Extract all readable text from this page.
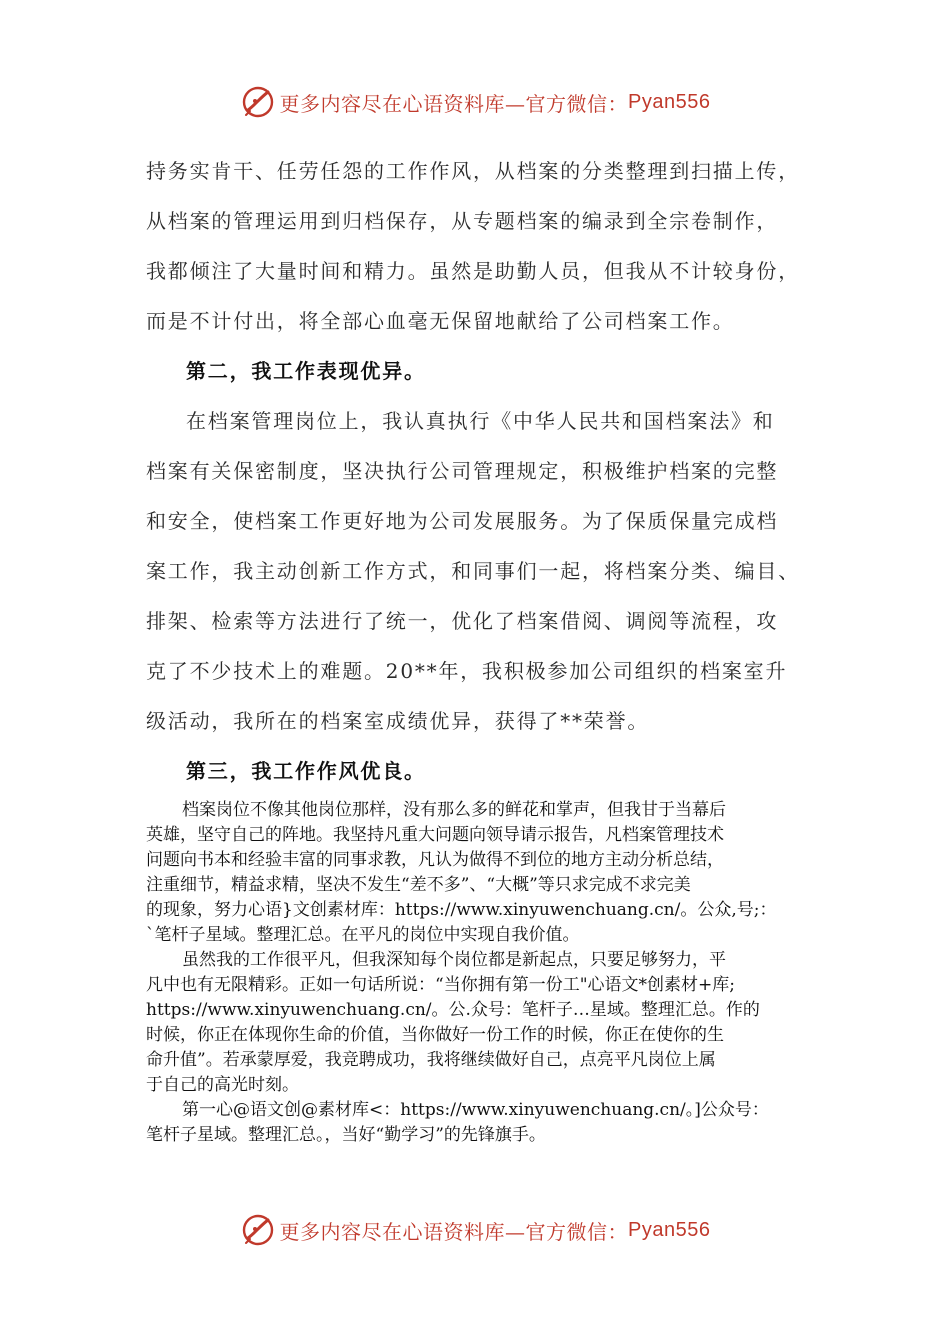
更多内容尽在心语资料库—官方微信： Pyan556

持务实肯干、任劳任怨的工作作风，从档案的分类整理到扫描上传，

从档案的管理运用到归档保存，从专题档案的编录到全宗卷制作，

我都倾注了大量时间和精力。虽然是助勤人员，但我从不计较身份，

而是不计付出，将全部心血毫无保留地献给了公司档案工作。

第二，我工作表现优异。

在档案管理岗位上，我认真执行《中华人民共和国档案法》和

档案有关保密制度，坚决执行公司管理规定，积极维护档案的完整

和安全，使档案工作更好地为公司发展服务。为了保质保量完成档

案工作，我主动创新工作方式，和同事们一起，将档案分类、编目、

排架、检索等方法进行了统一，优化了档案借阅、调阅等流程，攻

克了不少技术上的难题。20**年，我积极参加公司组织的档案室升

级活动，我所在的档案室成绩优异，获得了**荣誉。

第三，我工作作风优良。

档案岗位不像其他岗位那样，没有那么多的鲜花和掌声，但我甘于当幕后

英雄，坚守自己的阵地。我坚持凡重大问题向领导请示报告，凡档案管理技术

问题向书本和经验丰富的同事求教，凡认为做得不到位的地方主动分析总结，

注重细节，精益求精，坚决不发生“差不多”、“大概”等只求完成不求完美

的现象，努力心语}文创素材库：https://www.xinyuwenchuang.cn/。公众,号;：

`笔杆子星域。整理汇总。在平凡的岗位中实现自我价值。

虽然我的工作很平凡，但我深知每个岗位都是新起点，只要足够努力，平

凡中也有无限精彩。正如一句话所说：“当你拥有第一份工"心语文*创素材+库;

https://www.xinyuwenchuang.cn/。公.众号：笔杆子…星域。整理汇总。作的

时候，你正在体现你生命的价值，当你做好一份工作的时候，你正在使你的生

命升值”。若承蒙厚爱，我竞聘成功，我将继续做好自己，点亮平凡岗位上属

于自己的高光时刻。

第一心@语文创@素材库<：https://www.xinyuwenchuang.cn/。]公众号：

笔杆子星域。整理汇总。，当好“勤学习”的先锋旗手。

更多内容尽在心语资料库—官方微信： Pyan556
